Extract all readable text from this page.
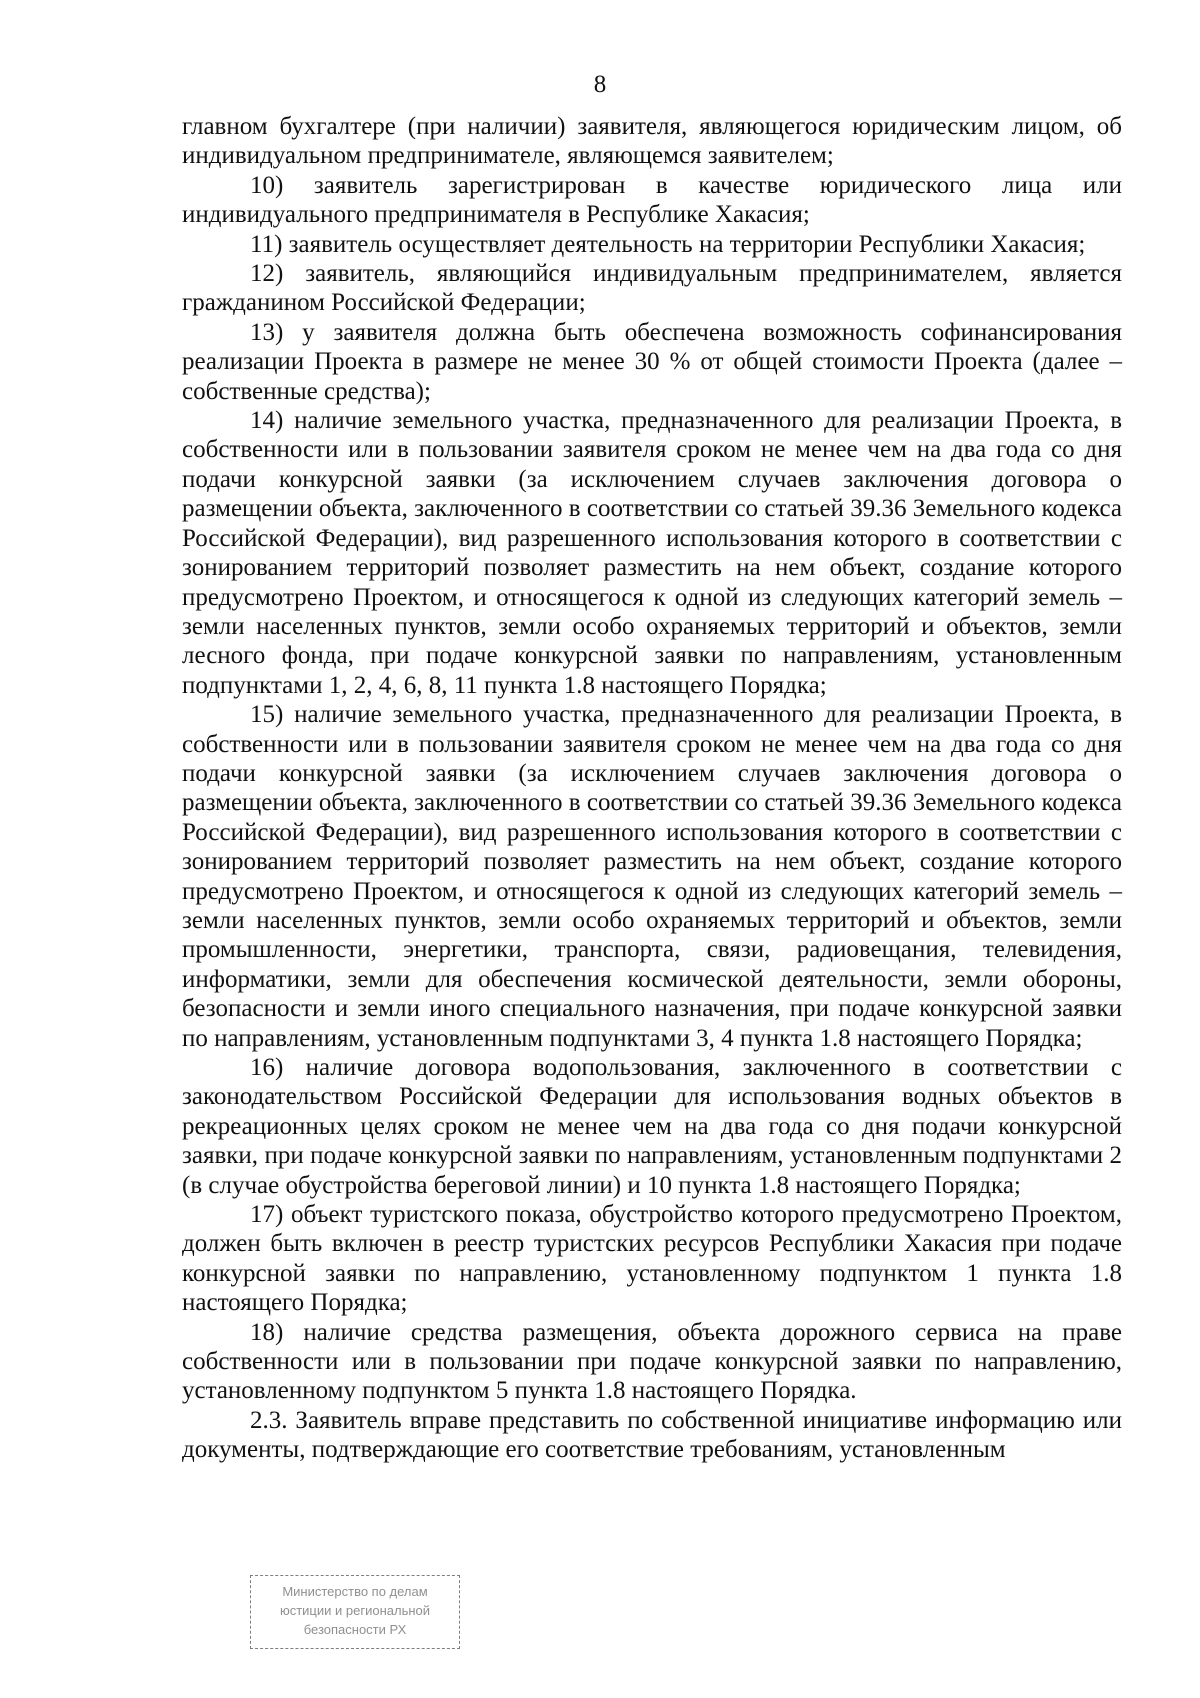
8

главном бухгалтере (при наличии) заявителя, являющегося юридическим лицом, об индивидуальном предпринимателе, являющемся заявителем;

10) заявитель зарегистрирован в качестве юридического лица или индивидуального предпринимателя в Республике Хакасия;

11) заявитель осуществляет деятельность на территории Республики Хакасия;

12) заявитель, являющийся индивидуальным предпринимателем, является гражданином Российской Федерации;

13) у заявителя должна быть обеспечена возможность софинансирования реализации Проекта в размере не менее 30 % от общей стоимости Проекта (далее – собственные средства);

14) наличие земельного участка, предназначенного для реализации Проекта, в собственности или в пользовании заявителя сроком не менее чем на два года со дня подачи конкурсной заявки (за исключением случаев заключения договора о размещении объекта, заключенного в соответствии со статьей 39.36 Земельного кодекса Российской Федерации), вид разрешенного использования которого в соответствии с зонированием территорий позволяет разместить на нем объект, создание которого предусмотрено Проектом, и относящегося к одной из следующих категорий земель – земли населенных пунктов, земли особо охраняемых территорий и объектов, земли лесного фонда, при подаче конкурсной заявки по направлениям, установленным подпунктами 1, 2, 4, 6, 8, 11 пункта 1.8 настоящего Порядка;

15) наличие земельного участка, предназначенного для реализации Проекта, в собственности или в пользовании заявителя сроком не менее чем на два года со дня подачи конкурсной заявки (за исключением случаев заключения договора о размещении объекта, заключенного в соответствии со статьей 39.36 Земельного кодекса Российской Федерации), вид разрешенного использования которого в соответствии с зонированием территорий позволяет разместить на нем объект, создание которого предусмотрено Проектом, и относящегося к одной из следующих категорий земель – земли населенных пунктов, земли особо охраняемых территорий и объектов, земли промышленности, энергетики, транспорта, связи, радиовещания, телевидения, информатики, земли для обеспечения космической деятельности, земли обороны, безопасности и земли иного специального назначения, при подаче конкурсной заявки по направлениям, установленным подпунктами 3, 4 пункта 1.8 настоящего Порядка;

16) наличие договора водопользования, заключенного в соответствии с законодательством Российской Федерации для использования водных объектов в рекреационных целях сроком не менее чем на два года со дня подачи конкурсной заявки, при подаче конкурсной заявки по направлениям, установленным подпунктами 2 (в случае обустройства береговой линии) и 10 пункта 1.8 настоящего Порядка;

17) объект туристского показа, обустройство которого предусмотрено Проектом, должен быть включен в реестр туристских ресурсов Республики Хакасия при подаче конкурсной заявки по направлению, установленному подпунктом 1 пункта 1.8 настоящего Порядка;

18) наличие средства размещения, объекта дорожного сервиса на праве собственности или в пользовании при подаче конкурсной заявки по направлению, установленному подпунктом 5 пункта 1.8 настоящего Порядка.

2.3. Заявитель вправе представить по собственной инициативе информацию или документы, подтверждающие его соответствие требованиям, установленным

Министерство по делам
юстиции и региональной
безопасности РХ
